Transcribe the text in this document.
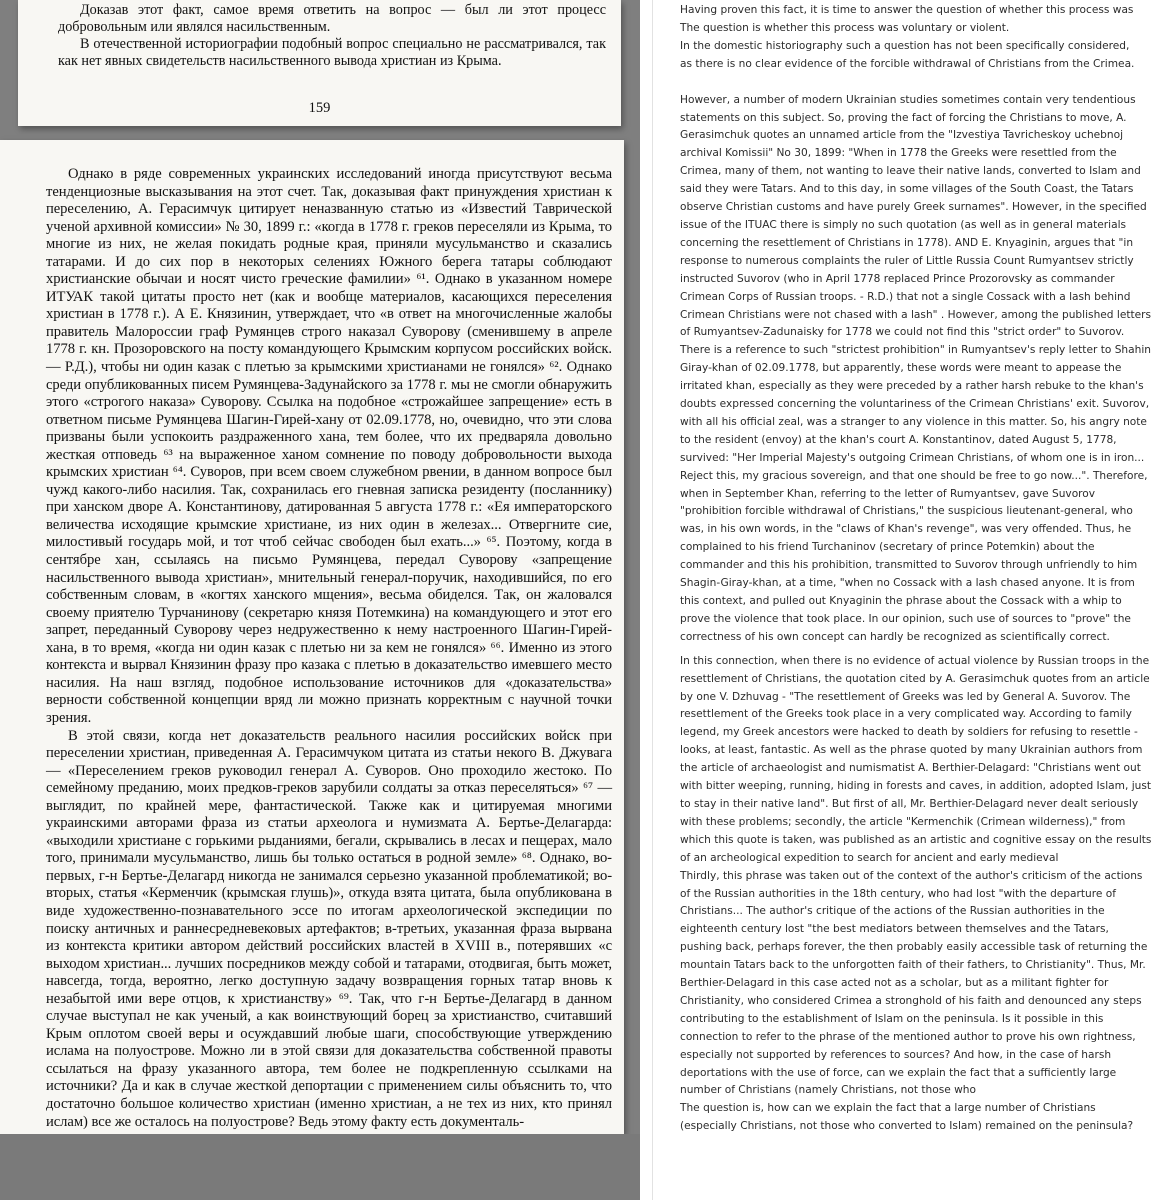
Доказав этот факт, самое время ответить на вопрос — был ли этот процесс добровольным или являлся насильственным.

В отечественной историографии подобный вопрос специально не рассматривался, так как нет явных свидетельств насильственного вывода христиан из Крыма.

159

Однако в ряде современных украинских исследований иногда присутствуют весьма тенденциозные высказывания на этот счет. Так, доказывая факт принуждения христиан к переселению, А. Герасимчук цитирует неназванную статью из «Известий Таврической ученой архивной комиссии» № 30, 1899 г.: «когда в 1778 г. греков переселяли из Крыма, то многие из них, не желая покидать родные края, приняли мусульманство и сказались татарами. И до сих пор в некоторых селениях Южного берега татары соблюдают христианские обычаи и носят чисто греческие фамилии» ⁶¹. Однако в указанном номере ИТУАК такой цитаты просто нет (как и вообще материалов, касающихся переселения христиан в 1778 г.). А Е. Князинин, утверждает, что «в ответ на многочисленные жалобы правитель Малороссии граф Румянцев строго наказал Суворову (сменившему в апреле 1778 г. кн. Прозоровского на посту командующего Крымским корпусом российских войск. — Р.Д.), чтобы ни один казак с плетью за крымскими христианами не гонялся» ⁶². Однако среди опубликованных писем Румянцева-Задунайского за 1778 г. мы не смогли обнаружить этого «строгого наказа» Суворову. Ссылка на подобное «строжайшее запрещение» есть в ответном письме Румянцева Шагин-Гирей-хану от 02.09.1778, но, очевидно, что эти слова призваны были успокоить раздраженного хана, тем более, что их предваряла довольно жесткая отповедь ⁶³ на выраженное ханом сомнение по поводу добровольности выхода крымских христиан ⁶⁴. Суворов, при всем своем служебном рвении, в данном вопросе был чужд какого-либо насилия. Так, сохранилась его гневная записка резиденту (посланнику) при ханском дворе А. Константинову, датированная 5 августа 1778 г.: «Ея императорского величества исходящие крымские христиане, из них один в железах... Отвергните сие, милостивый государь мой, и тот чтоб сейчас свободен был ехать...» ⁶⁵. Поэтому, когда в сентябре хан, ссылаясь на письмо Румянцева, передал Суворову «запрещение насильственного вывода христиан», мнительный генерал-поручик, находившийся, по его собственным словам, в «когтях ханского мщения», весьма обиделся. Так, он жаловался своему приятелю Турчанинову (секретарю князя Потемкина) на командующего и этот его запрет, переданный Суворову через недружественно к нему настроенного Шагин-Гирей-хана, в то время, «когда ни один казак с плетью ни за кем не гонялся» ⁶⁶. Именно из этого контекста и вырвал Князинин фразу про казака с плетью в доказательство имевшего место насилия. На наш взгляд, подобное использование источников для «доказательства» верности собственной концепции вряд ли можно признать корректным с научной точки зрения.

В этой связи, когда нет доказательств реального насилия российских войск при переселении христиан, приведенная А. Герасимчуком цитата из статьи некого В. Джувага — «Переселением греков руководил генерал А. Суворов. Оно проходило жестоко. По семейному преданию, моих предков-греков зарубили солдаты за отказ переселяться» ⁶⁷ — выглядит, по крайней мере, фантастической. Также как и цитируемая многими украинскими авторами фраза из статьи археолога и нумизмата А. Бертье-Делагарда: «выходили христиане с горькими рыданиями, бегали, скрывались в лесах и пещерах, мало того, принимали мусульманство, лишь бы только остаться в родной земле» ⁶⁸. Однако, во-первых, г-н Бертье-Делагард никогда не занимался серьезно указанной проблематикой; во-вторых, статья «Керменчик (крымская глушь)», откуда взята цитата, была опубликована в виде художественно-познавательного эссе по итогам археологической экспедиции по поиску античных и раннесредневековых артефактов; в-третьих, указанная фраза вырвана из контекста критики автором действий российских властей в XVIII в., потерявших «с выходом христиан... лучших посредников между собой и татарами, отодвигая, быть может, навсегда, тогда, вероятно, легко доступную задачу возвращения горных татар вновь к незабытой ими вере отцов, к христианству» ⁶⁹. Так, что г-н Бертье-Делагард в данном случае выступал не как ученый, а как воинствующий борец за христианство, считавший Крым оплотом своей веры и осуждавший любые шаги, способствующие утверждению ислама на полуострове. Можно ли в этой связи для доказательства собственной правоты ссылаться на фразу указанного автора, тем более не подкрепленную ссылками на источники? Да и как в случае жесткой депортации с применением силы объяснить то, что достаточно большое количество христиан (именно христиан, а не тех из них, кто принял ислам) все же осталось на полуострове? Ведь этому факту есть документаль-

Having proven this fact, it is time to answer the question of whether this process was

The question is whether this process was voluntary or violent.

In the domestic historiography such a question has not been specifically considered,

as there is no clear evidence of the forcible withdrawal of Christians from the Crimea.

However, a number of modern Ukrainian studies sometimes contain very tendentious statements on this subject. So, proving the fact of forcing the Christians to move, A. Gerasimchuk quotes an unnamed article from the "Izvestiya Tavricheskoy uchebnoj archival Komissii" No 30, 1899: "When in 1778 the Greeks were resettled from the Crimea, many of them, not wanting to leave their native lands, converted to Islam and said they were Tatars. And to this day, in some villages of the South Coast, the Tatars observe Christian customs and have purely Greek surnames". However, in the specified issue of the ITUAC there is simply no such quotation (as well as in general materials concerning the resettlement of Christians in 1778). AND E. Knyaginin, argues that "in response to numerous complaints the ruler of Little Russia Count Rumyantsev strictly instructed Suvorov (who in April 1778 replaced Prince Prozorovsky as commander Crimean Corps of Russian troops. - R.D.) that not a single Cossack with a lash behind

Crimean Christians were not chased with a lash" . However, among the published letters of Rumyantsev-Zadunaisky for 1778 we could not find this "strict order" to Suvorov. There is a reference to such "strictest prohibition" in Rumyantsev's reply letter to Shahin Giray-khan of 02.09.1778, but apparently, these words were meant to appease the irritated khan, especially as they were preceded by a rather harsh rebuke to the khan's doubts expressed concerning the voluntariness of the Crimean Christians' exit. Suvorov, with all his official zeal, was a stranger to any violence in this matter. So, his angry note to the resident (envoy) at the khan's court A. Konstantinov, dated August 5, 1778, survived: "Her Imperial Majesty's outgoing Crimean Christians, of whom one is in iron... Reject this, my gracious sovereign, and that one should be free to go now...". Therefore, when in September Khan, referring to the letter of Rumyantsev, gave Suvorov "prohibition forcible withdrawal of Christians," the suspicious lieutenant-general, who was, in his own words, in the "claws of Khan's revenge", was very offended. Thus, he complained to his friend Turchaninov (secretary of prince Potemkin) about the commander and this his prohibition, transmitted to Suvorov through unfriendly to him Shagin-Giray-khan, at a time, "when no Cossack with a lash chased anyone. It is from this context, and pulled out Knyaginin the phrase about the Cossack with a whip to prove the violence that took place. In our opinion, such use of sources to "prove" the correctness of his own concept can hardly be recognized as scientifically correct.

In this connection, when there is no evidence of actual violence by Russian troops in the resettlement of Christians, the quotation cited by A. Gerasimchuk quotes from an article by one V. Dzhuvag - "The resettlement of Greeks was led by General A. Suvorov. The resettlement of the Greeks took place in a very complicated way. According to family legend, my Greek ancestors were hacked to death by soldiers for refusing to resettle - looks, at least, fantastic. As well as the phrase quoted by many Ukrainian authors from the article of archaeologist and numismatist A. Berthier-Delagard: "Christians went out with bitter weeping, running, hiding in forests and caves, in addition, adopted Islam, just to stay in their native land". But first of all, Mr. Berthier-Delagard never dealt seriously with these problems; secondly, the article "Kermenchik (Crimean wilderness)," from which this quote is taken, was published as an artistic and cognitive essay on the results of an archeological expedition to search for ancient and early medieval

Thirdly, this phrase was taken out of the context of the author's criticism of the actions of the Russian authorities in the 18th century, who had lost "with the departure of Christians... The author's critique of the actions of the Russian authorities in the eighteenth century lost "the best mediators between themselves and the Tatars, pushing back, perhaps forever, the then probably easily accessible task of returning the mountain Tatars back to the unforgotten faith of their fathers, to Christianity". Thus, Mr. Berthier-Delagard in this case acted not as a scholar, but as a militant fighter for Christianity, who considered Crimea a stronghold of his faith and denounced any steps contributing to the establishment of Islam on the peninsula. Is it possible in this connection to refer to the phrase of the mentioned author to prove his own rightness, especially not supported by references to sources? And how, in the case of harsh deportations with the use of force, can we explain the fact that a sufficiently large number of Christians (namely Christians, not those who

The question is, how can we explain the fact that a large number of Christians

(especially Christians, not those who converted to Islam) remained on the peninsula?
